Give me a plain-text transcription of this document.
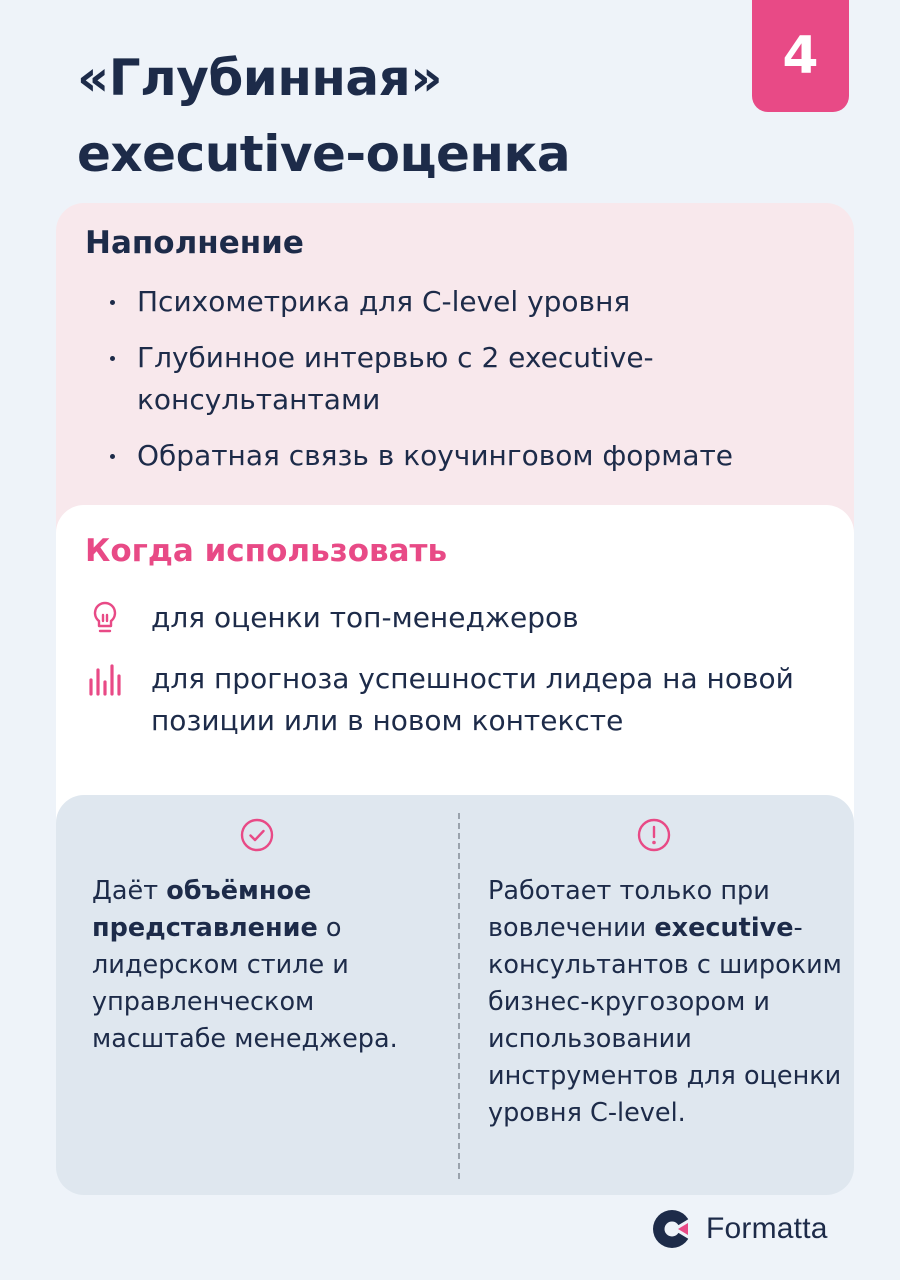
4
«Глубинная»
executive-оценка
Наполнение
Психометрика для C-level уровня
Глубинное интервью с 2 executive-консультантами
Обратная связь в коучинговом формате
Когда использовать
для оценки топ-менеджеров
для прогноза успешности лидера на новой позиции или в новом контексте

Даёт объёмное представление о лидерском стиле и управленческом масштабе менеджера.

Работает только при вовлечении executive-консультантов с широким бизнес-кругозором и использовании инструментов для оценки уровня C-level.

Formatta
